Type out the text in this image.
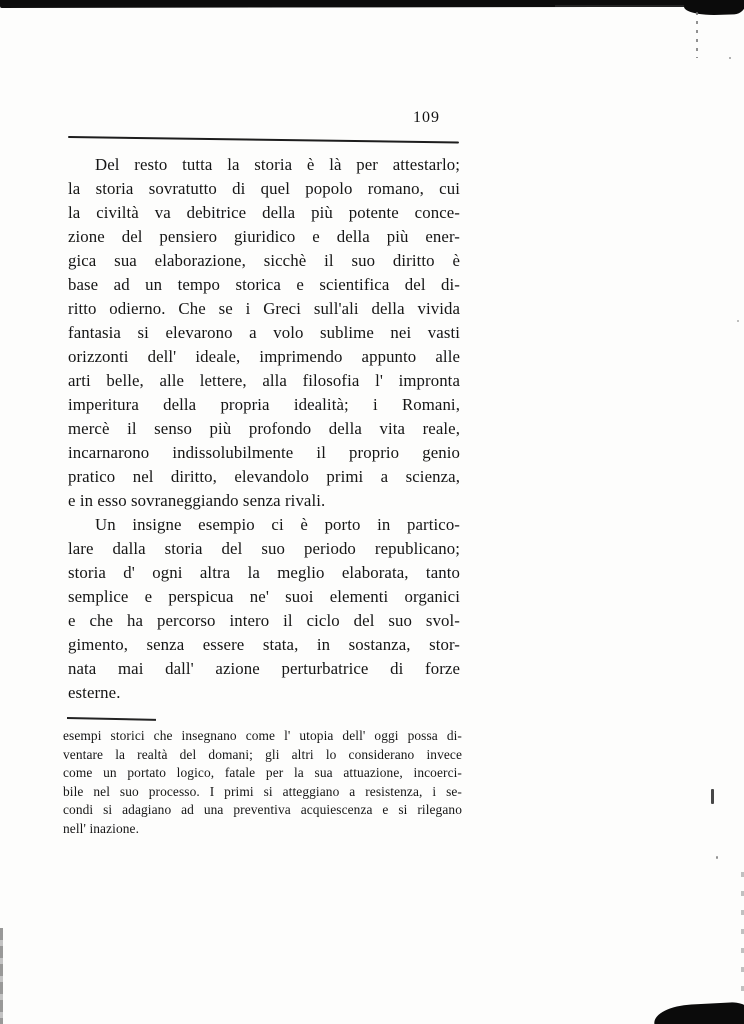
109
Del resto tutta la storia è là per attestarlo;
la storia sovratutto di quel popolo romano, cui
la civiltà va debitrice della più potente conce-
zione del pensiero giuridico e della più ener-
gica sua elaborazione, sicchè il suo diritto è
base ad un tempo storica e scientifica del di-
ritto odierno. Che se i Greci sull'ali della vivida
fantasia si elevarono a volo sublime nei vasti
orizzonti dell' ideale, imprimendo appunto alle
arti belle, alle lettere, alla filosofia l' impronta
imperitura della propria idealità; i Romani,
mercè il senso più profondo della vita reale,
incarnarono indissolubilmente il proprio genio
pratico nel diritto, elevandolo primi a scienza,
e in esso sovraneggiando senza rivali.
Un insigne esempio ci è porto in partico-
lare dalla storia del suo periodo republicano;
storia d' ogni altra la meglio elaborata, tanto
semplice e perspicua ne' suoi elementi organici
e che ha percorso intero il ciclo del suo svol-
gimento, senza essere stata, in sostanza, stor-
nata mai dall' azione perturbatrice di forze
esterne.
esempi storici che insegnano come l' utopia dell' oggi possa di-
ventare la realtà del domani; gli altri lo considerano invece
come un portato logico, fatale per la sua attuazione, incoerci-
bile nel suo processo. I primi si atteggiano a resistenza, i se-
condi si adagiano ad una preventiva acquiescenza e si rilegano
nell' inazione.
